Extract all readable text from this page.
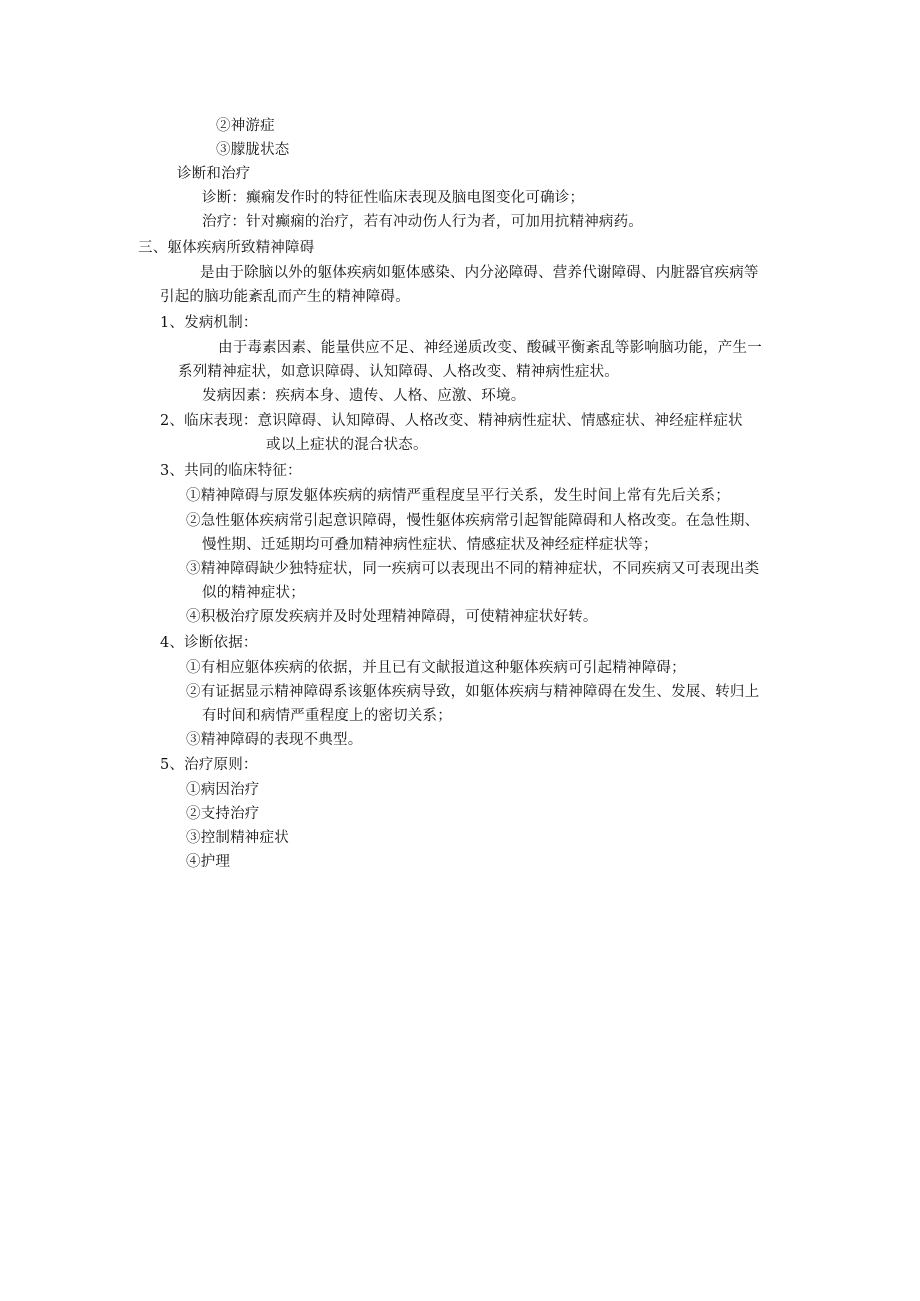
②神游症
③朦胧状态
诊断和治疗
诊断：癫痫发作时的特征性临床表现及脑电图变化可确诊；
治疗：针对癫痫的治疗，若有冲动伤人行为者，可加用抗精神病药。
三、躯体疾病所致精神障碍
是由于除脑以外的躯体疾病如躯体感染、内分泌障碍、营养代谢障碍、内脏器官疾病等
引起的脑功能紊乱而产生的精神障碍。
1、发病机制：
由于毒素因素、能量供应不足、神经递质改变、酸碱平衡紊乱等影响脑功能，产生一
系列精神症状，如意识障碍、认知障碍、人格改变、精神病性症状。
发病因素：疾病本身、遗传、人格、应激、环境。
2、临床表现：意识障碍、认知障碍、人格改变、精神病性症状、情感症状、神经症样症状
或以上症状的混合状态。
3、共同的临床特征：
①精神障碍与原发躯体疾病的病情严重程度呈平行关系，发生时间上常有先后关系；
②急性躯体疾病常引起意识障碍，慢性躯体疾病常引起智能障碍和人格改变。在急性期、
慢性期、迁延期均可叠加精神病性症状、情感症状及神经症样症状等；
③精神障碍缺少独特症状，同一疾病可以表现出不同的精神症状，不同疾病又可表现出类
似的精神症状；
④积极治疗原发疾病并及时处理精神障碍，可使精神症状好转。
4、诊断依据：
①有相应躯体疾病的依据，并且已有文献报道这种躯体疾病可引起精神障碍；
②有证据显示精神障碍系该躯体疾病导致，如躯体疾病与精神障碍在发生、发展、转归上
有时间和病情严重程度上的密切关系；
③精神障碍的表现不典型。
5、治疗原则：
①病因治疗
②支持治疗
③控制精神症状
④护理
